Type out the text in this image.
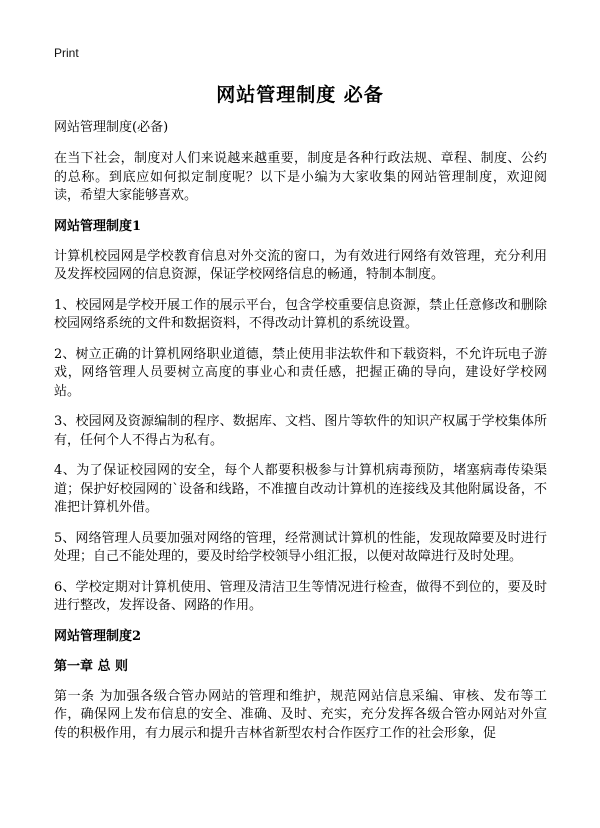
Print
网站管理制度 必备

网站管理制度(必备)

在当下社会，制度对人们来说越来越重要，制度是各种行政法规、章程、制度、公约的总称。到底应如何拟定制度呢？以下是小编为大家收集的网站管理制度，欢迎阅读，希望大家能够喜欢。

网站管理制度1

计算机校园网是学校教育信息对外交流的窗口，为有效进行网络有效管理，充分利用及发挥校园网的信息资源，保证学校网络信息的畅通，特制本制度。

1、校园网是学校开展工作的展示平台，包含学校重要信息资源，禁止任意修改和删除校园网络系统的文件和数据资料，不得改动计算机的系统设置。

2、树立正确的计算机网络职业道德，禁止使用非法软件和下载资料，不允许玩电子游戏，网络管理人员要树立高度的事业心和责任感，把握正确的导向，建设好学校网站。

3、校园网及资源编制的程序、数据库、文档、图片等软件的知识产权属于学校集体所有，任何个人不得占为私有。

4、为了保证校园网的安全，每个人都要积极参与计算机病毒预防，堵塞病毒传染渠道；保护好校园网的`设备和线路，不准擅自改动计算机的连接线及其他附属设备，不准把计算机外借。

5、网络管理人员要加强对网络的管理，经常测试计算机的性能，发现故障要及时进行处理；自己不能处理的，要及时给学校领导小组汇报，以便对故障进行及时处理。

6、学校定期对计算机使用、管理及清洁卫生等情况进行检查，做得不到位的，要及时进行整改，发挥设备、网路的作用。

网站管理制度2

第一章 总 则

第一条 为加强各级合管办网站的管理和维护，规范网站信息采编、审核、发布等工作，确保网上发布信息的安全、准确、及时、充实，充分发挥各级合管办网站对外宣传的积极作用，有力展示和提升吉林省新型农村合作医疗工作的社会形象，促
